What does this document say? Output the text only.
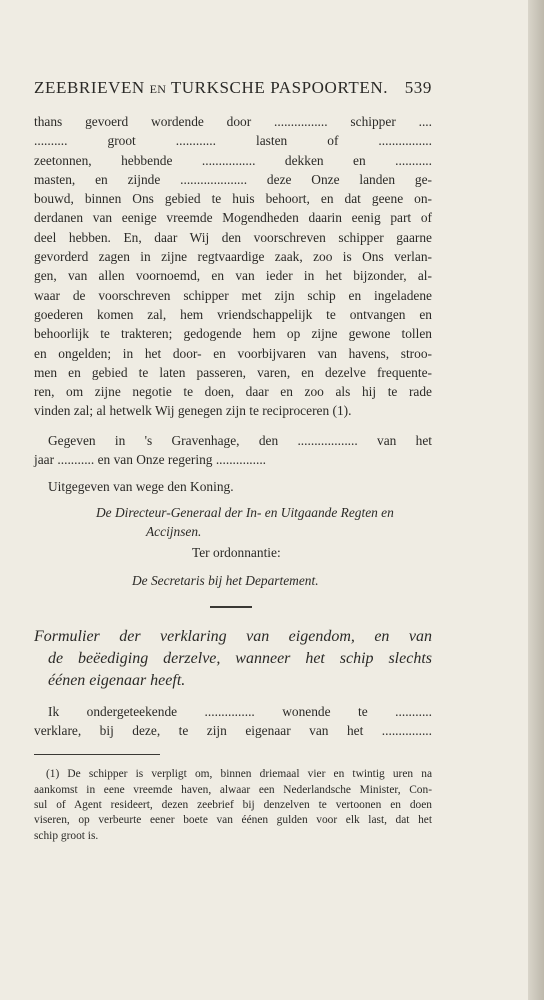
ZEEBRIEVEN EN TURKSCHE PASPOORTEN. 539
thans gevoerd wordende door ................ schipper ....
.......... groot ............ lasten of ................
zeetonnen, hebbende ................ dekken en ...........
masten, en zijnde .................... deze Onze landen ge-
bouwd, binnen Ons gebied te huis behoort, en dat geene on-
derdanen van eenige vreemde Mogendheden daarin eenig part of
deel hebben. En, daar Wij den voorschreven schipper gaarne
gevorderd zagen in zijne regtvaardige zaak, zoo is Ons verlan-
gen, van allen voornoemd, en van ieder in het bijzonder, al-
waar de voorschreven schipper met zijn schip en ingeladene
goederen komen zal, hem vriendschappelijk te ontvangen en
behoorlijk te trakteren; gedogende hem op zijne gewone tollen
en ongelden; in het door- en voorbijvaren van havens, stroo-
men en gebied te laten passeren, varen, en dezelve frequente-
ren, om zijne negotie te doen, daar en zoo als hij te rade
vinden zal; al hetwelk Wij genegen zijn te reciproceren (1).
Gegeven in 's Gravenhage, den .................. van het
jaar ........... en van Onze regering ...............
Uitgegeven van wege den Koning.
De Directeur-Generaal der In- en Uitgaande Regten en
Accijnsen.
Ter ordonnantie:
De Secretaris bij het Departement.
Formulier der verklaring van eigendom, en van
de beëediging derzelve, wanneer het schip slechts
éénen eigenaar heeft.
Ik ondergeteekende ............... wonende te ...........
verklare, bij deze, te zijn eigenaar van het ...............
(1) De schipper is verpligt om, binnen driemaal vier en twintig uren na
aankomst in eene vreemde haven, alwaar een Nederlandsche Minister, Con-
sul of Agent resideert, dezen zeebrief bij denzelven te vertoonen en doen
viseren, op verbeurte eener boete van éénen gulden voor elk last, dat het
schip groot is.
